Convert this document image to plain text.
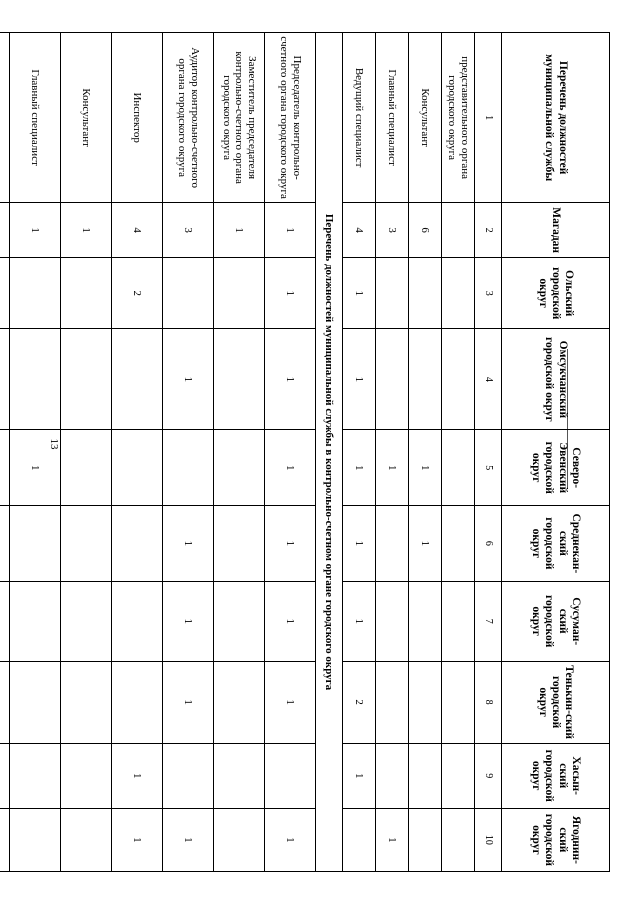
13
Перечень должностей муниципальной службы	Магадан	Ольский городской округ	Омсукчанский городской округ	Северо-Эвенский городской округ	Среднекан-ский городской округ	Сусуман-ский городской округ	Тенькин-ский городской округ	Хасын-ский городской округ	Ягоднин-ский городской округ
1	2	3	4	5	6	7	8	9	10
представительного органа городского округа									
Консультант	6			1	1				
Главный специалист	3			1					1
Ведущий специалист	4	1	1	1	1	1	2	1	
Перечень должностей муниципальной службы в контрольно-счетном органе городского округа									
Председатель контрольно-счетного органа городского округа	1	1	1	1	1	1	1		1
Заместитель председателя контрольно-счетного органа городского округа	1								
Аудитор контрольно-счетного органа городского округа	3		1		1	1	1		1
Инспектор	4	2						1	1
Консультант	1								
Главный специалист	1			1					
